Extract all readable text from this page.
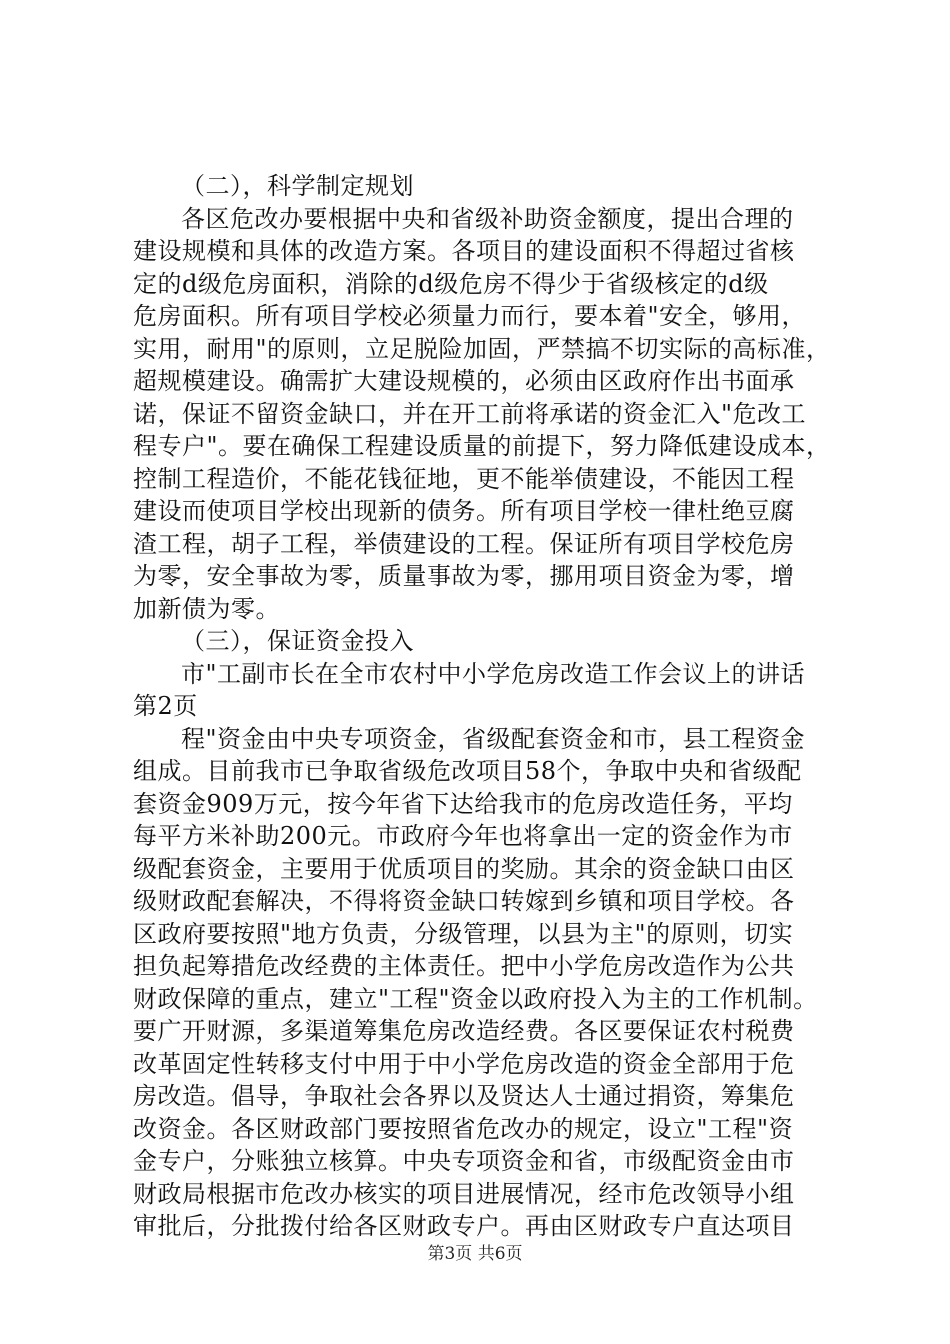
（二），科学制定规划
各区危改办要根据中央和省级补助资金额度，提出合理的
建设规模和具体的改造方案。各项目的建设面积不得超过省核
定的d级危房面积，消除的d级危房不得少于省级核定的d级
危房面积。所有项目学校必须量力而行，要本着"安全，够用，
实用，耐用"的原则，立足脱险加固，严禁搞不切实际的高标准，
超规模建设。确需扩大建设规模的，必须由区政府作出书面承
诺，保证不留资金缺口，并在开工前将承诺的资金汇入"危改工
程专户"。要在确保工程建设质量的前提下，努力降低建设成本，
控制工程造价，不能花钱征地，更不能举债建设，不能因工程
建设而使项目学校出现新的债务。所有项目学校一律杜绝豆腐
渣工程，胡子工程，举债建设的工程。保证所有项目学校危房
为零，安全事故为零，质量事故为零，挪用项目资金为零，增
加新债为零。
（三），保证资金投入
市"工副市长在全市农村中小学危房改造工作会议上的讲话
第2页
程"资金由中央专项资金，省级配套资金和市，县工程资金
组成。目前我市已争取省级危改项目58个，争取中央和省级配
套资金909万元，按今年省下达给我市的危房改造任务，平均
每平方米补助200元。市政府今年也将拿出一定的资金作为市
级配套资金，主要用于优质项目的奖励。其余的资金缺口由区
级财政配套解决，不得将资金缺口转嫁到乡镇和项目学校。各
区政府要按照"地方负责，分级管理，以县为主"的原则，切实
担负起筹措危改经费的主体责任。把中小学危房改造作为公共
财政保障的重点，建立"工程"资金以政府投入为主的工作机制。
要广开财源，多渠道筹集危房改造经费。各区要保证农村税费
改革固定性转移支付中用于中小学危房改造的资金全部用于危
房改造。倡导，争取社会各界以及贤达人士通过捐资，筹集危
改资金。各区财政部门要按照省危改办的规定，设立"工程"资
金专户，分账独立核算。中央专项资金和省，市级配资金由市
财政局根据市危改办核实的项目进展情况，经市危改领导小组
审批后，分批拨付给各区财政专户。再由区财政专户直达项目
第3页 共6页
